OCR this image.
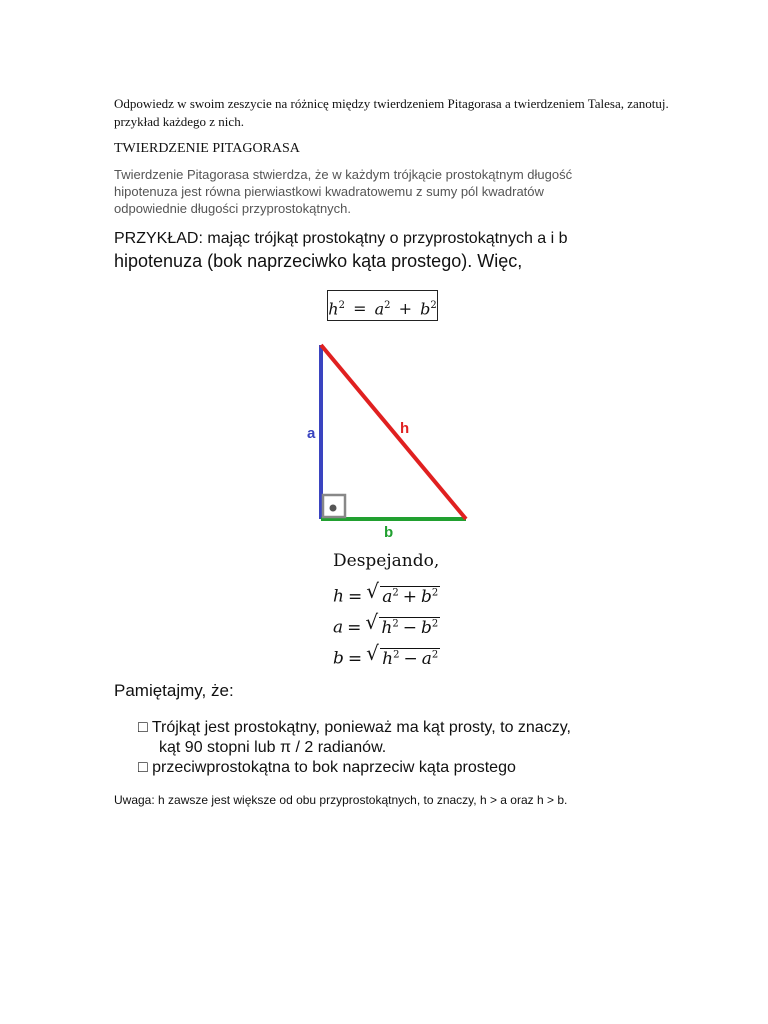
Odpowiedz w swoim zeszycie na różnicę między twierdzeniem Pitagorasa a twierdzeniem Talesa, zanotuj. przykład każdego z nich.
TWIERDZENIE PITAGORASA
Twierdzenie Pitagorasa stwierdza, że w każdym trójkącie prostokątnym długość hipotenuza jest równa pierwiastkowi kwadratowemu z sumy pól kwadratów odpowiednie długości przyprostokątnych.
PRZYKŁAD: mając trójkąt prostokątny o przyprostokątnych a i b
hipotenuza (bok naprzeciwko kąta prostego). Więc,
$h^2 = a^2 + b^2$
a	h
b
Despejando,
h = √ $a^2 + b^2$
a = √ $h^2 - b^2$
b = √ $h^2 - a^2$
Pamiętajmy, że:
□ Trójkąt jest prostokątny, ponieważ ma kąt prosty, to znaczy,
kąt 90 stopni lub π / 2 radianów.
□ przeciwprostokątna to bok naprzeciw kąta prostego
Uwaga: h zawsze jest większe od obu przyprostokątnych, to znaczy, h > a oraz h > b.
